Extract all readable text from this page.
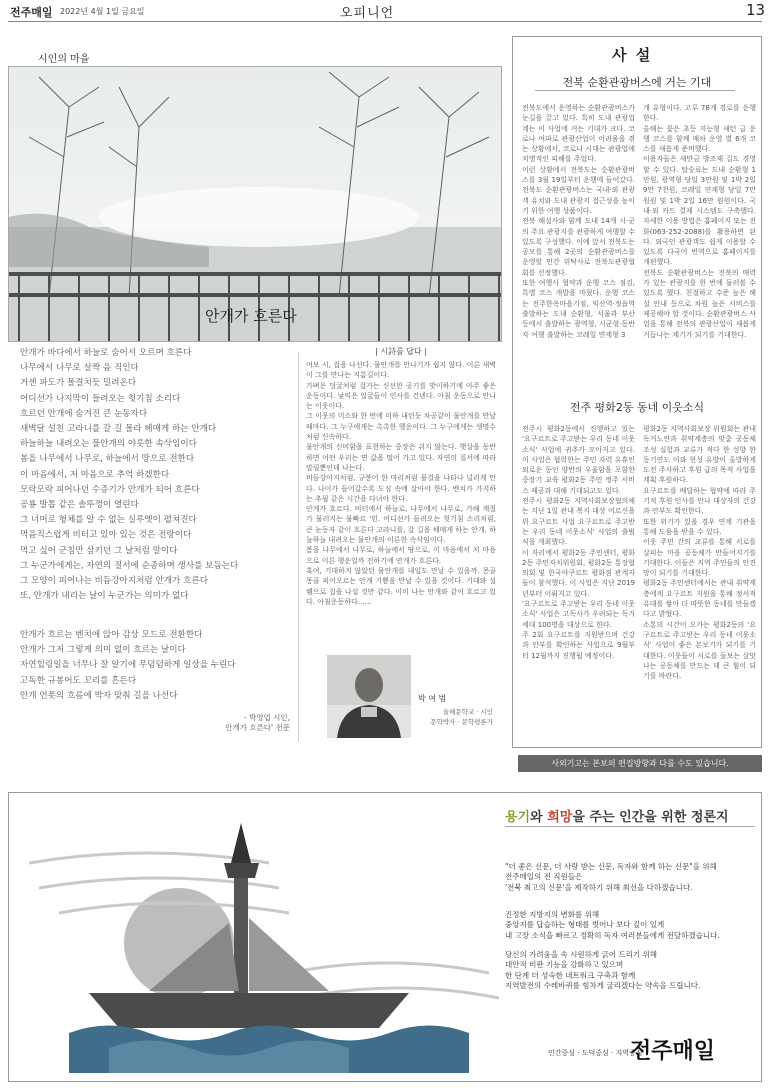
전주매일 2022년 4월 1일 금요일	오피니언	13
시인의 마을
안개가 흐른다
안개가 바다에서 하늘로 숨어서 오르며 흐른다
나무에서 나무로 살짝 음 직인다
거센 파도가 몰결치듯 밀려온다
어디선가 나지막이 들려오는 헛기침 소리다
흐르던 안개에 숨겨진 큰 눈동자다
새벽달 설친 고라니를 갈 길 몰라 헤매게 하는 안개다
하늘하늘 내려오는 물안개의 야릇한 속삭임이다
봄을 나무에서 나무로, 하늘에서 땅으로 전한다
이 마음에서, 저 마음으로 추억 하겠한다
모락모락 피어나던 수증기가 안개가 되어 흐른다
공룡 발톱 같은 솔뚜껑이 열린다
그 너머로 형체를 알 수 없는 실루엣이 펼쳐진다
먹음직스럽게 비터고 있아 있는 것은 전랑이다
먹고 싶어 군침만 삼키던 그 날처럼 말이다
그 누군가에게는, 자연의 질서에 순종하며 생사를 보듬는다
그 모양이 피어나는 비듬강아지처럼 안개가 흐른다
또, 안개가 내리는 날이 누군가는 의미가 없다
안개가 흐르는 벤치에 앉아 감상 모드로 전환한다
안개가 그저 그렇게 의미 없이 흐르는 날이다
자연힐링일을 너무나 잘 알기에 무덤덤하게 일상을 누린다
고독한 규봉어도 꼬리를 흔든다
안개 언폿의 흐름에 박자 맞춰 길을 나선다
- 박영엽 시인,
안개가 흐른다' 전문
| 시詩를 답다 |
여보 시, 집을 나선다. 물안개를 만나기가 쉽지 않다. 이른 새벽이 그를 만나는 지름길이다.
가벼운 덩굴처럼 걸가는 신선한 공기를 맞이하기에 아주 좋은 운동이다. 낯익은 얼굴들이 인사를 건넨다. 아침 운동으로 만나는 이웃이다.
그 이웃의 미소와 한 번에 미하 내린듯 차공같이 물안개를 만날때마다. 그 누구에게는 촉촉한 행운이다. 그 누구에게는 생명수처럼 신속하다.
물안개의 신비함을 표현하는 중장은 쉬지 않는다. 햇살을 동반하면 어떤 우리는 면 값을 떨어 가고 있다. 자연의 질서에 따라 말릴뿐인데 나는다.
비듬강아지처럼, 규봉어 한 마리처럼 물결을 나타나 널리게 만다. 나이가 들어갈수록 도심 속에 살아야 한다. 벤치가 가지하는 추월 같은 시간을 다녀야 한다.
안개가 흐르다. 비터에서 하늘로, 나무에서 나무로, 가해 계절가 물러지는 물빠르 '힌. 어디선가 들려오는 헛기침 소리처럼, 큰 눈동자 같이 흐른다 고라니를, 갈 길을 헤매게 하는 안개. 하늘하늘 내려오는 물안개의 이른한 속삭임이다.
봄을 나무에서 나무로, 하늘에서 땅으로, 이 마음에서 저 마음으로 이른 행운일까 전하기에 안개가 흐른다.
혹여, 기대하지 않았던 물안개를 내일도 만날 수 있을까. 몽골몽골 피어오르는 안개 기쁨을 만날 수 있을 것이다. 기대와 설렘으로 집을 나설 것만 같다. 이미 나는 안개와 같이 흐르고 있다. 아침운동하다……
박 여 범
올해문학교 · 시인
문학박사 · 문학평론가
사 설
전북 순환관광버스에 거는 기대
전북도에서 운영하는 순환관광버스가 눈길을 끌고 있다. 특히 도내 관광업계는 이 사업에 거는 기대가 크다. 코로나 여파로 관광산업이 어려움을 겪는 상황에서, 코로나 시대는 관광업에 치명적인 피해를 주었다.
이런 상황에서 전북도는 순환관광버스를 3월 19일부터 운행에 들어갔다. 전북도 순환관광버스는 국내·외 관광객 유치와 도내 관광지 접근성을 높이기 위한 여행 상품이다.
전북 해설사와 함께 도내 14개 시·군의 주요 관광지를 관광하게 여행할 수 있도록 구성했다. 이에 앞서 전북도는 공모를 통해 2곳의 순환관광버스를 운영할 민간 위탁사로 전북도관광협회를 선정했다.
또한 여행사 협약과 운행 코스 점검, 특별 코스 개발을 마쳤다. 운행 코스는 전주한옥마을기점, 익산역·정읍역 출발하는 도내 순환형, 서울과 부산 등에서 출발하는 광역형, 시군형·동반자 여행 출발하는 코레일 연계형 3
개 유형이다. 고루 78개 경로를 운행한다.
올해는 꽃은 초등 지능형 새턴 급 운행 코스를 함께 매차 운영 별 6개 코스를 새롭게 준비했다.
이용자들은 새만금 방조제 길도 경영할 수 있다. 탑승료는 도내 순환형 1만원, 광역형 당일 3만원 및 1박 2일 9만 7천원, 코레일 연계형 당일 7만 원원 및 1박 2일 16만 원원이다. 국내·외 카드 결제 시스템도 구축했다. 자세한 이용 방법은 홈페이지 또는 전화(063-252-2088)를 활용하면 된다. 외국인 관광객도 쉽게 이용할 수 있도록 다국어 번역으로 홈페이지를 개편했다.
전북도 순환관광버스는 전북의 매력 가 있는 관광지를 한 번에 둘러볼 수 있도록 했다. 친절하고 수준 높은 해설 안내 등으로 차원 높은 서비스를 제공해야 할 것이다. 순환관광버스 사업을 통해 전북의 관광산업이 새롭게 거듭나는 계기가 되기를 기대한다.
전주 평화2동 동네 이웃소식
전주시 평화2동에서 진행하고 있는 '요구르트로 주고받는 우리 동네 이웃소식' 사업에 귀추가 모아지고 있다. 이 사업은 협력한는 주민 자력 유휴인 외로운 동인 양반의 우울함을 포함한 중장기 교육 평화2동 주민 정주 서비스 제공과 대해 기대되고도 있다.
전주시 평화2동 지역사회보장협의체는 지난 1일 관내 복지 대상 어르신을 위 요구르트 사업 요구르트로 주고받는 우리 동네 이웃소식' 사업의 출범식을 개최했다.
이 자리에서 평화2동 주민센터, 평화2동 주민자치위원회, 평화2동 통장협의회 및 한국야쿠르트 평화점 관계자들이 참석했다. 이 사업은 지난 2019년부터 이뤄지고 있다.
'요구르트로 주고받는 우리 동네 이웃소식' 사업은 고독사가 우려되는 독거 세대 100명을 대상으로 한다.
주 2회 요구르트를 지원받으며 건강과 안부를 확인하는 사업으로 9월부터 12월까지 진행될 예정이다.
평화2동 지역사회보장 위원회는 관내 독거노인과 취약계층의 맞춤 공동체 조성 실험과 교류가 적다 한 성향 한 동기연도 이와 현성 유방이 올발하게 도전 주사하고 후원 급의 목적 사업을 계획 후원하다.
요구르트를 배달하는 협약에 따라 주기적 후원 인사를 만나 대상자의 건강과 안부도 확인한다.
또한 위기가 있을 경우 연계 기관을 통해 도움을 받을 수 있다.
이웃 주민 간의 교류를 통해 서로를 살피는 마을 공동체가 만들어지기를 기대한다. 이들은 지역 주민들의 안전망이 되기를 기대한다.
평화2동 주민센터에서는 관내 취약계층에게 요구르트 지원을 통해 정서적 유대를 쌓아 더 따뜻한 동네를 만들겠다고 밝혔다.
소통의 시간이 오가는 평화2동의 '요구르트로 주고받는 우리 동네 이웃소식' 사업이 좋은 본보기가 되기를 기대한다. 이웃들이 서로를 돌보는 살맛 나는 공동체를 만드는 데 큰 힘이 되기를 바란다.
사외기고는 본보의 편집방향과 다를 수도 있습니다.
용기와 희망을 주는 인간을 위한 정론지
"더 좋은 신문, 더 사랑 받는 신문, 독자와 함께 하는 신문"을 위해
전주매일의 전 직원들은
'전북 최고의 신문'을 제작하기 위해 최선을 다하겠습니다.
진정한 지방지의 변화를 위해
중앙지를 답습하는 형태를 벗어나 보다 깊이 있게
내 고장 소식을 빠르고 정확히 독자 여러분들에게 전달하겠습니다.
당신의 가려움을 속 시원하게 긁어 드리기 위해
대안적 비판 기능을 강화하고 있으며
한 단계 더 성숙한 네트워크 구축과 함께
지역발전의 수레바퀴를 힘차게 굴리겠다는 약속을 드립니다.
인간중심 · 도덕중심 · 지역중심
전주매일
